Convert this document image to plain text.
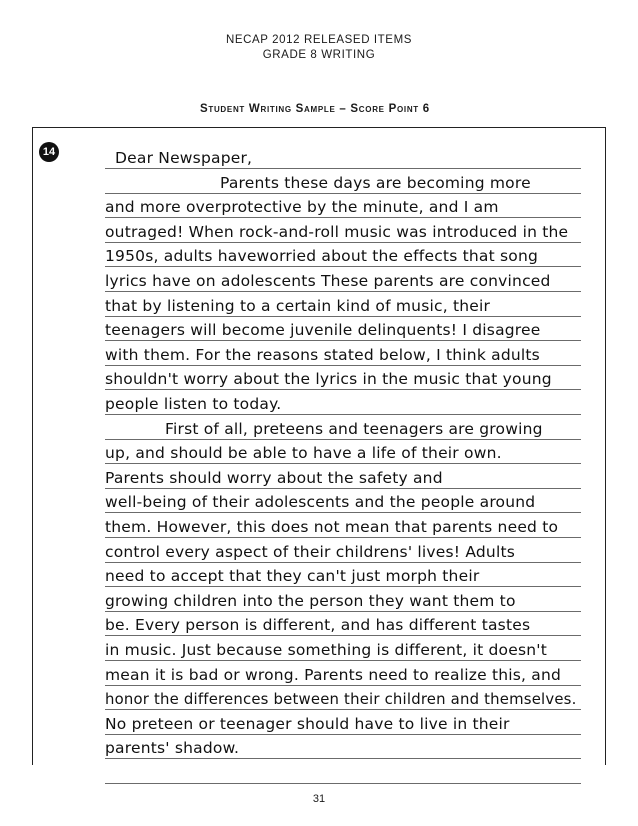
NECAP 2012 RELEASED ITEMS
GRADE 8 WRITING
Student Writing Sample – Score Point 6
14	Dear Newspaper,
Parents these days are becoming more
and more overprotective by the minute, and I am
outraged! When rock-and-roll music was introduced in the
1950s, adults haveworried about the effects that song
lyrics have on adolescents These parents are convinced
that by listening to a certain kind of music, their
teenagers will become juvenile delinquents! I disagree
with them. For the reasons stated below, I think adults
shouldn't worry about the lyrics in the music that young
people listen to today.
First of all, preteens and teenagers are growing
up, and should be able to have a life of their own.
Parents should worry about the safety and
well-being of their adolescents and the people around
them. However, this does not mean that parents need to
control every aspect of their childrens' lives! Adults
need to accept that they can't just morph their
growing children into the person they want them to
be. Every person is different, and has different tastes
in music. Just because something is different, it doesn't
mean it is bad or wrong. Parents need to realize this, and
honor the differences between their children and themselves.
No preteen or teenager should have to live in their
parents' shadow.
31
